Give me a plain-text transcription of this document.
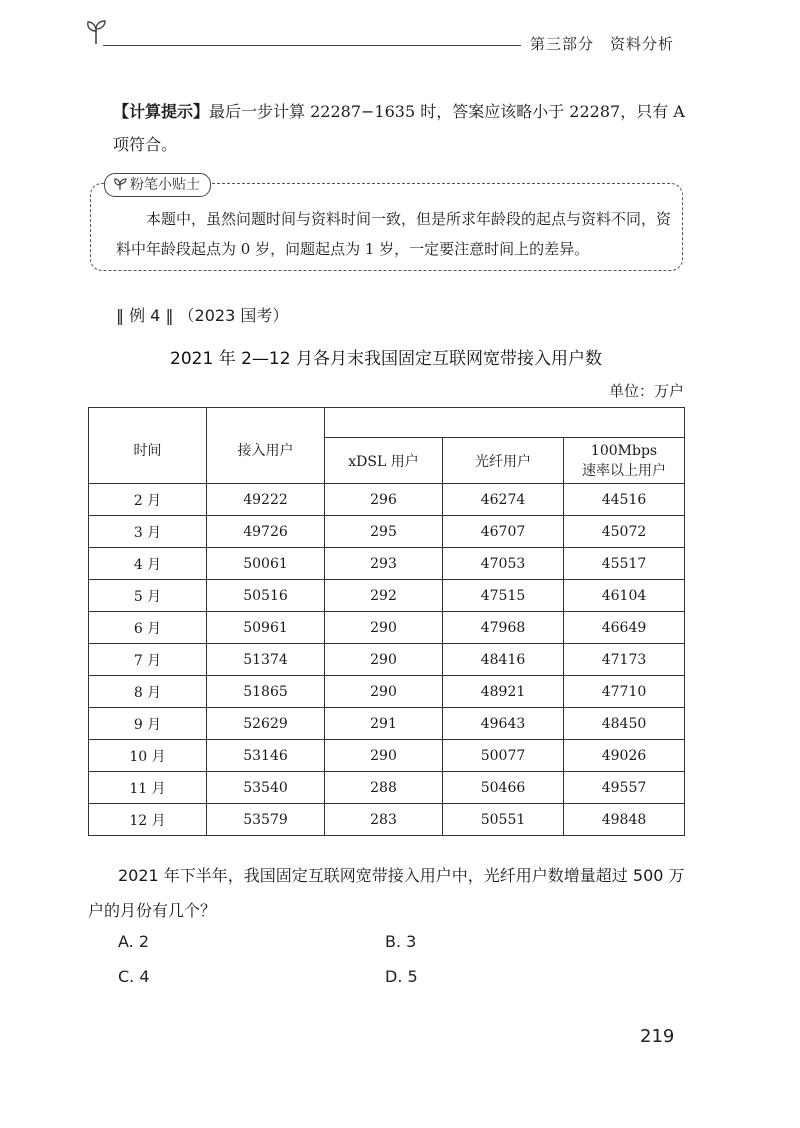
第三部分　资料分析
【计算提示】最后一步计算 22287−1635 时，答案应该略小于 22287，只有 A 项符合。
粉笔小贴士
本题中，虽然问题时间与资料时间一致，但是所求年龄段的起点与资料不同，资料中年龄段起点为 0 岁，问题起点为 1 岁，一定要注意时间上的差异。
‖ 例 4 ‖ （2023 国考）
2021 年 2—12 月各月末我国固定互联网宽带接入用户数
单位：万户
时间	接入用户			
		xDSL 用户	光纤用户	100Mbps
速率以上用户
2 月	49222	296	46274	44516
3 月	49726	295	46707	45072
4 月	50061	293	47053	45517
5 月	50516	292	47515	46104
6 月	50961	290	47968	46649
7 月	51374	290	48416	47173
8 月	51865	290	48921	47710
9 月	52629	291	49643	48450
10 月	53146	290	50077	49026
11 月	53540	288	50466	49557
12 月	53579	283	50551	49848
2021 年下半年，我国固定互联网宽带接入用户中，光纤用户数增量超过 500 万户的月份有几个？
A. 2	B. 3
C. 4	D. 5
219
